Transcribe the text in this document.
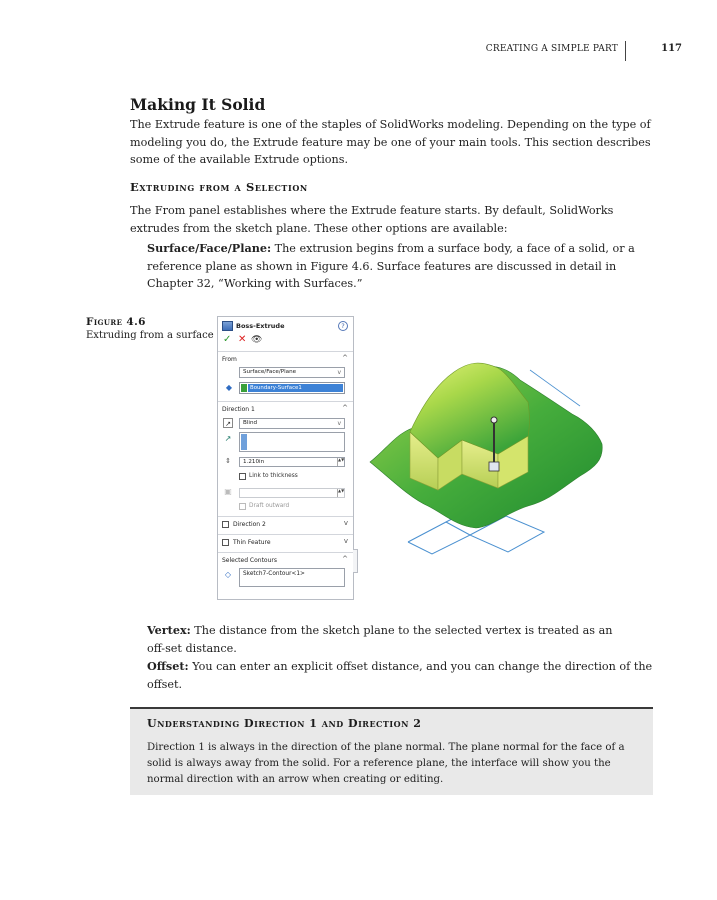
CREATING A SIMPLE PART	117
Making It Solid
The Extrude feature is one of the staples of SolidWorks modeling. Depending on the type of modeling you do, the Extrude feature may be one of your main tools. This section describes some of the available Extrude options.
Extruding from a Selection
The From panel establishes where the Extrude feature starts. By default, SolidWorks extrudes from the sketch plane. These other options are available:
Surface/Face/Plane: The extrusion begins from a surface body, a face of a solid, or a reference plane as shown in Figure 4.6. Surface features are discussed in detail in Chapter 32, “Working with Surfaces.”
Figure 4.6
Extruding from a surface
Boss-Extrude	?
✓ ✕ 👁
From	^
Surface/Face/Plane	v
◆	Boundary-Surface1
Direction 1	^
↗	Blind	v
↗
⇕	1.210in	▲▼
Link to thickness
▣	▲▼
Draft outward
Direction 2	v
Thin Feature	v
Selected Contours	^
◇	Sketch7-Contour<1>
Vertex: The distance from the sketch plane to the selected vertex is treated as an off-set distance.
Offset: You can enter an explicit offset distance, and you can change the direction of the offset.
Understanding Direction 1 and Direction 2
Direction 1 is always in the direction of the plane normal. The plane normal for the face of a solid is always away from the solid. For a reference plane, the interface will show you the normal direction with an arrow when creating or editing.
